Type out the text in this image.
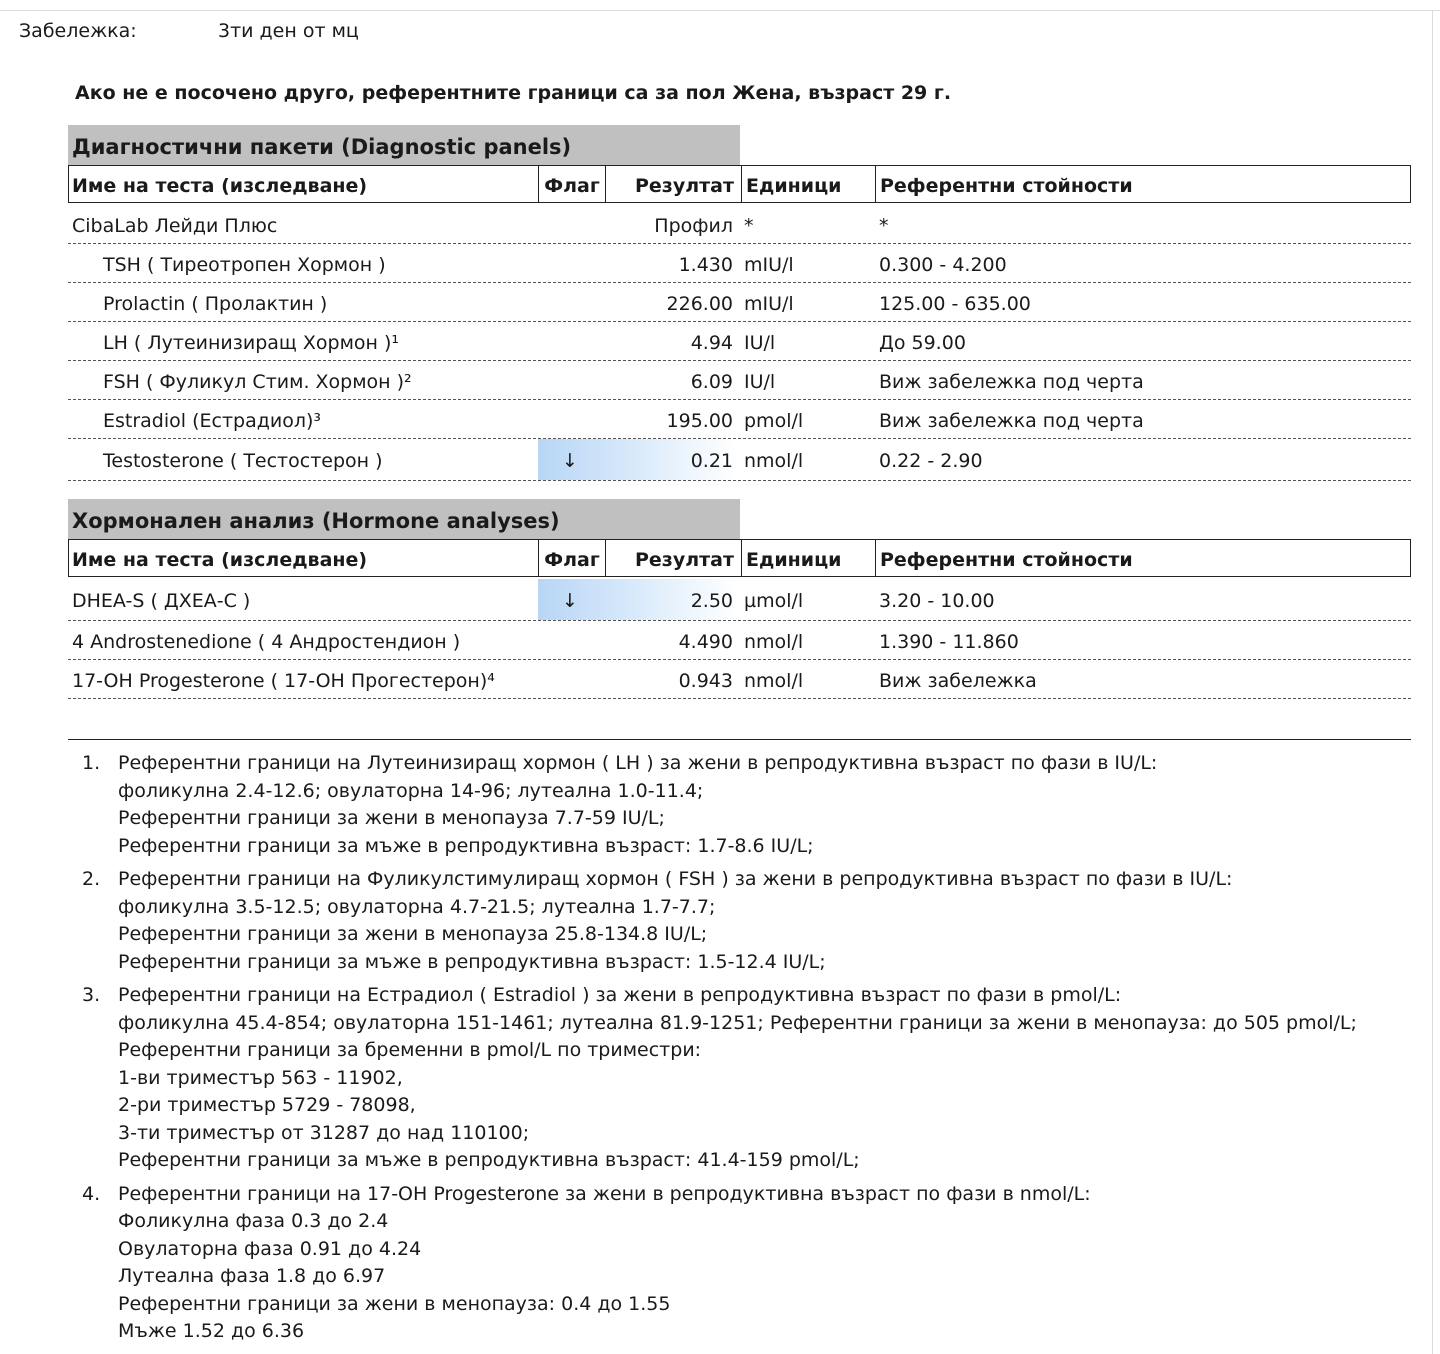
Забележка:	3ти ден от мц
Ако не е посочено друго, референтните граници са за пол Жена, възраст 29 г.
Диагностични пакети (Diagnostic panels)
Име на теста (изследване)	Флаг	Резултат Единици	Референтни стойности
CibaLab Лейди Плюс	Профил *	*
TSH ( Тиреотропен Хормон )	1.430 mIU/l	0.300 - 4.200
Prolactin ( Пролактин )	226.00 mIU/l	125.00 - 635.00
LH ( Лутеинизиращ Хормон )¹	4.94 IU/l	До 59.00
FSH ( Фуликул Стим. Хормон )²	6.09 IU/l	Виж забележка под черта
Estradiol (Естрадиол)³	195.00 pmol/l	Виж забележка под черта
Testosterone ( Тестостерон )	↓	0.21 nmol/l	0.22 - 2.90
Хормонален анализ (Hormone analyses)
Име на теста (изследване)	Флаг	Резултат Единици	Референтни стойности
DHEA-S ( ДХЕА-С )	↓	2.50 µmol/l	3.20 - 10.00
4 Androstenedione ( 4 Андростендион )	4.490 nmol/l	1.390 - 11.860
17-OH Progesterone ( 17-OH Прогестерон)⁴	0.943 nmol/l	Виж забележка
1. Референтни граници на Лутеинизиращ хормон ( LH ) за жени в репродуктивна възраст по фази в IU/L:
фоликулна 2.4-12.6; овулаторна 14-96; лутеална 1.0-11.4;
Референтни граници за жени в менопауза 7.7-59 IU/L;
Референтни граници за мъже в репродуктивна възраст: 1.7-8.6 IU/L;
2. Референтни граници на Фуликулстимулиращ хормон ( FSH ) за жени в репродуктивна възраст по фази в IU/L:
фоликулна 3.5-12.5; овулаторна 4.7-21.5; лутеална 1.7-7.7;
Референтни граници за жени в менопауза 25.8-134.8 IU/L;
Референтни граници за мъже в репродуктивна възраст: 1.5-12.4 IU/L;
3. Референтни граници на Естрадиол ( Estradiol ) за жени в репродуктивна възраст по фази в pmol/L:
фоликулна 45.4-854; овулаторна 151-1461; лутеална 81.9-1251; Референтни граници за жени в менопауза: до 505 pmol/L;
Референтни граници за бременни в pmol/L по триместри:
1-ви триместър 563 - 11902,
2-ри триместър 5729 - 78098,
3-ти триместър от 31287 до над 110100;
Референтни граници за мъже в репродуктивна възраст: 41.4-159 pmol/L;
4. Референтни граници на 17-OH Progesterone за жени в репродуктивна възраст по фази в nmol/L:
Фоликулна фаза 0.3 до 2.4
Овулаторна фаза 0.91 до 4.24
Лутеална фаза 1.8 до 6.97
Референтни граници за жени в менопауза: 0.4 до 1.55
Мъже 1.52 до 6.36
